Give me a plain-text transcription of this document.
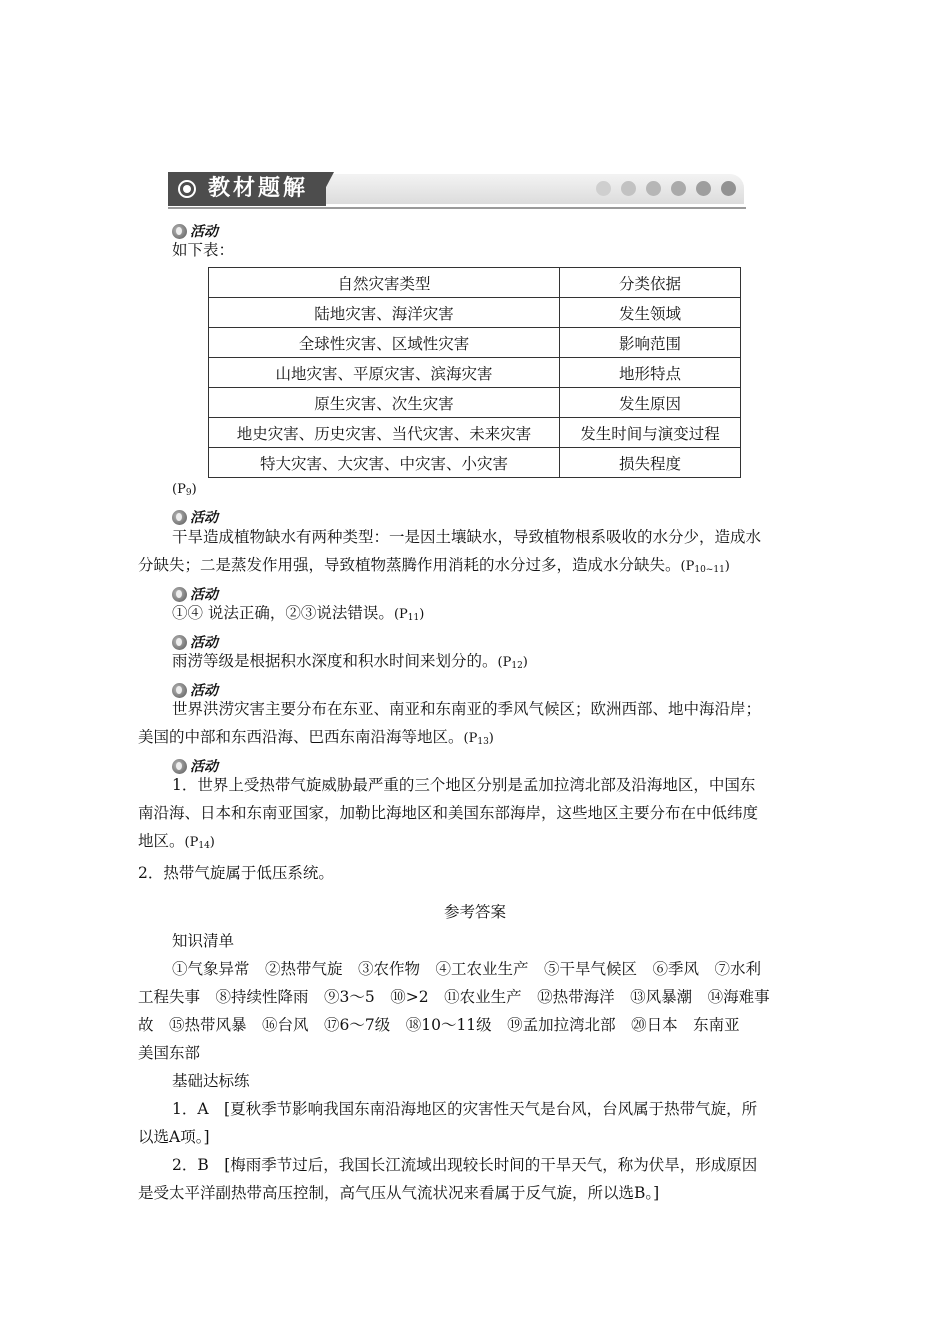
教材题解
活动
如下表：
自然灾害类型	分类依据
陆地灾害、海洋灾害	发生领域
全球性灾害、区域性灾害	影响范围
山地灾害、平原灾害、滨海灾害	地形特点
原生灾害、次生灾害	发生原因
地史灾害、历史灾害、当代灾害、未来灾害	发生时间与演变过程
特大灾害、大灾害、中灾害、小灾害	损失程度
$(P_9)$
活动
干旱造成植物缺水有两种类型：一是因土壤缺水，导致植物根系吸收的水分少，造成水
分缺失；二是蒸发作用强，导致植物蒸腾作用消耗的水分过多，造成水分缺失。$(P_{10\sim 11})$
活动
①④ 说法正确，②③说法错误。$(P_{11})$
活动
雨涝等级是根据积水深度和积水时间来划分的。$(P_{12})$
活动
世界洪涝灾害主要分布在东亚、南亚和东南亚的季风气候区；欧洲西部、地中海沿岸；
美国的中部和东西沿海、巴西东南沿海等地区。$(P_{13})$
活动
1．世界上受热带气旋威胁最严重的三个地区分别是孟加拉湾北部及沿海地区，中国东
南沿海、日本和东南亚国家，加勒比海地区和美国东部海岸，这些地区主要分布在中低纬度
地区。$(P_{14})$
2．热带气旋属于低压系统。
参考答案
知识清单
①气象异常　②热带气旋　③农作物　④工农业生产　⑤干旱气候区　⑥季风　⑦水利
工程失事　⑧持续性降雨　⑨3～5　⑩>2　⑪农业生产　⑫热带海洋　⑬风暴潮　⑭海难事
故　⑮热带风暴　⑯台风　⑰6～7级　⑱10～11级　⑲孟加拉湾北部　⑳日本　东南亚
美国东部
基础达标练
1．A　[夏秋季节影响我国东南沿海地区的灾害性天气是台风，台风属于热带气旋，所
以选A项。]
2．B　[梅雨季节过后，我国长江流域出现较长时间的干旱天气，称为伏旱，形成原因
是受太平洋副热带高压控制，高气压从气流状况来看属于反气旋，所以选B。]
